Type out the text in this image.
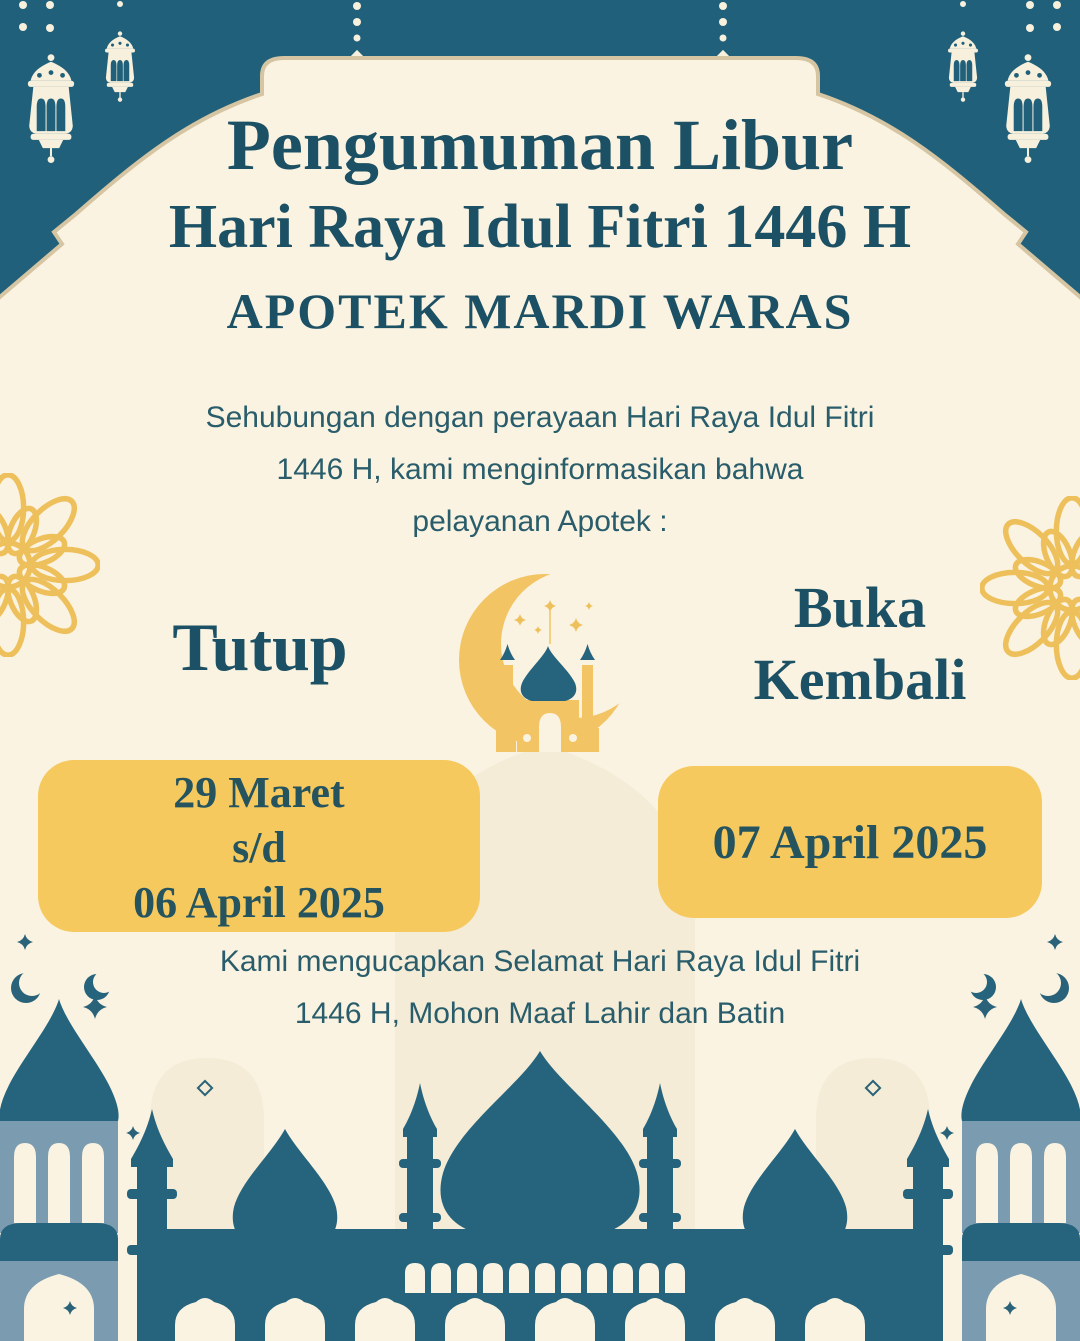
Pengumuman Libur
Hari Raya Idul Fitri 1446 H
APOTEK MARDI WARAS
Sehubungan dengan perayaan Hari Raya Idul Fitri
1446 H, kami menginformasikan bahwa
pelayanan Apotek :
Tutup
Buka
Kembali
29 Maret
s/d
06 April 2025
07 April 2025
Kami mengucapkan Selamat Hari Raya Idul Fitri
1446 H, Mohon Maaf Lahir dan Batin
